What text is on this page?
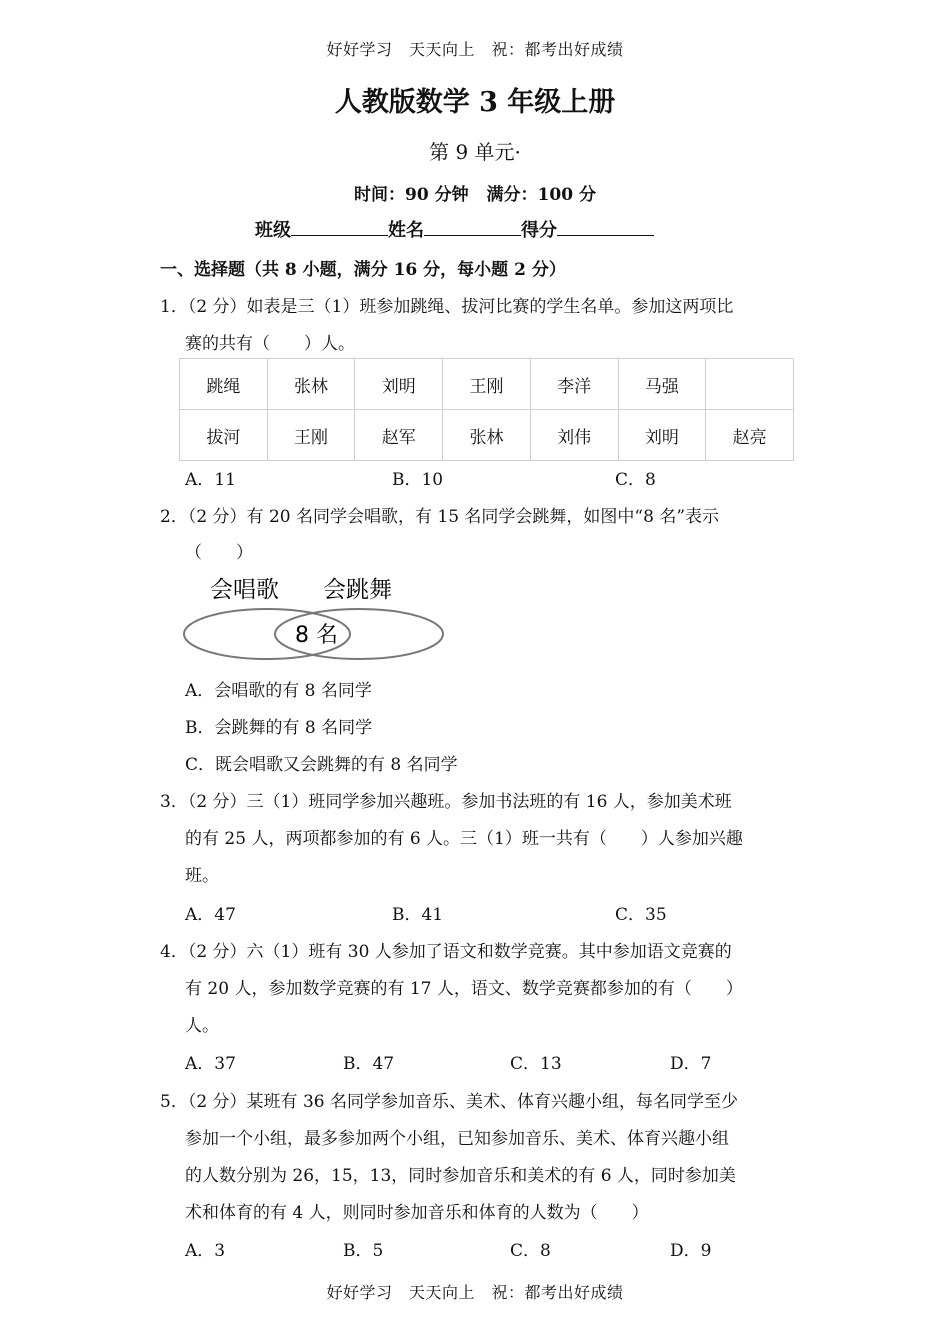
好好学习　天天向上　祝：都考出好成绩
人教版数学 3 年级上册
第 9 单元·
时间：90 分钟 满分：100 分
班级	姓名	得分
一、选择题（共 8 小题，满分 16 分，每小题 2 分）
1．（2 分）如表是三（1）班参加跳绳、拔河比赛的学生名单。参加这两项比
赛的共有（　　）人。
跳绳	张林	刘明	王刚	李洋	马强	
拔河	王刚	赵军	张林	刘伟	刘明	赵亮
A．11	B．10	C．8
2．（2 分）有 20 名同学会唱歌，有 15 名同学会跳舞，如图中“8 名”表示
（　　）
会唱歌 会跳舞
8 名
A．会唱歌的有 8 名同学
B．会跳舞的有 8 名同学
C．既会唱歌又会跳舞的有 8 名同学
3．（2 分）三（1）班同学参加兴趣班。参加书法班的有 16 人，参加美术班
的有 25 人，两项都参加的有 6 人。三（1）班一共有（　　）人参加兴趣
班。
A．47	B．41	C．35
4．（2 分）六（1）班有 30 人参加了语文和数学竞赛。其中参加语文竞赛的
有 20 人，参加数学竞赛的有 17 人，语文、数学竞赛都参加的有（　　）
人。
A．37	B．47	C．13	D．7
5．（2 分）某班有 36 名同学参加音乐、美术、体育兴趣小组，每名同学至少
参加一个小组，最多参加两个小组，已知参加音乐、美术、体育兴趣小组
的人数分别为 26，15，13，同时参加音乐和美术的有 6 人，同时参加美
术和体育的有 4 人，则同时参加音乐和体育的人数为（　　）
A．3	B．5	C．8	D．9
好好学习　天天向上　祝：都考出好成绩
